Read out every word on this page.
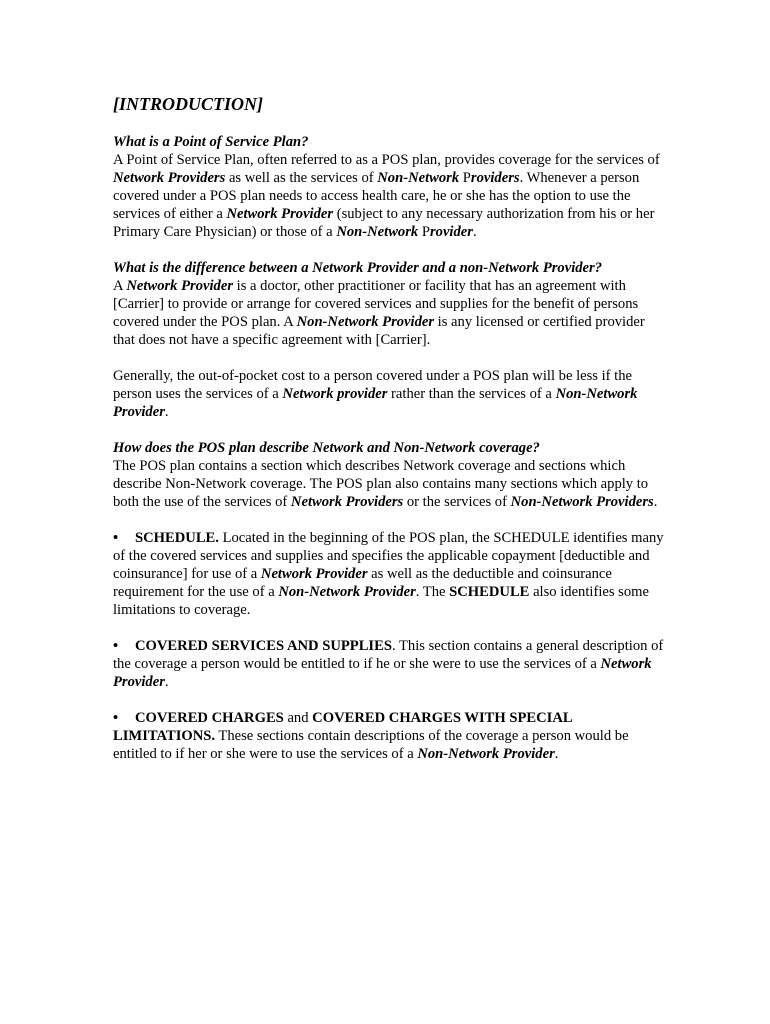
[INTRODUCTION]
What is a Point of Service Plan?

A Point of Service Plan, often referred to as a POS plan, provides coverage for the services of Network Providers as well as the services of Non-Network Providers. Whenever a person covered under a POS plan needs to access health care, he or she has the option to use the services of either a Network Provider (subject to any necessary authorization from his or her Primary Care Physician) or those of a Non-Network Provider.

What is the difference between a Network Provider and a non-Network Provider?

A Network Provider is a doctor, other practitioner or facility that has an agreement with [Carrier] to provide or arrange for covered services and supplies for the benefit of persons covered under the POS plan. A Non-Network Provider is any licensed or certified provider that does not have a specific agreement with [Carrier].

Generally, the out-of-pocket cost to a person covered under a POS plan will be less if the person uses the services of a Network provider rather than the services of a Non-Network Provider.

How does the POS plan describe Network and Non-Network coverage?

The POS plan contains a section which describes Network coverage and sections which describe Non-Network coverage. The POS plan also contains many sections which apply to both the use of the services of Network Providers or the services of Non-Network Providers.

• SCHEDULE. Located in the beginning of the POS plan, the SCHEDULE identifies many of the covered services and supplies and specifies the applicable copayment [deductible and coinsurance] for use of a Network Provider as well as the deductible and coinsurance requirement for the use of a Non-Network Provider. The SCHEDULE also identifies some limitations to coverage.

• COVERED SERVICES AND SUPPLIES. This section contains a general description of the coverage a person would be entitled to if he or she were to use the services of a Network Provider.

• COVERED CHARGES and COVERED CHARGES WITH SPECIAL LIMITATIONS. These sections contain descriptions of the coverage a person would be entitled to if her or she were to use the services of a Non-Network Provider.
